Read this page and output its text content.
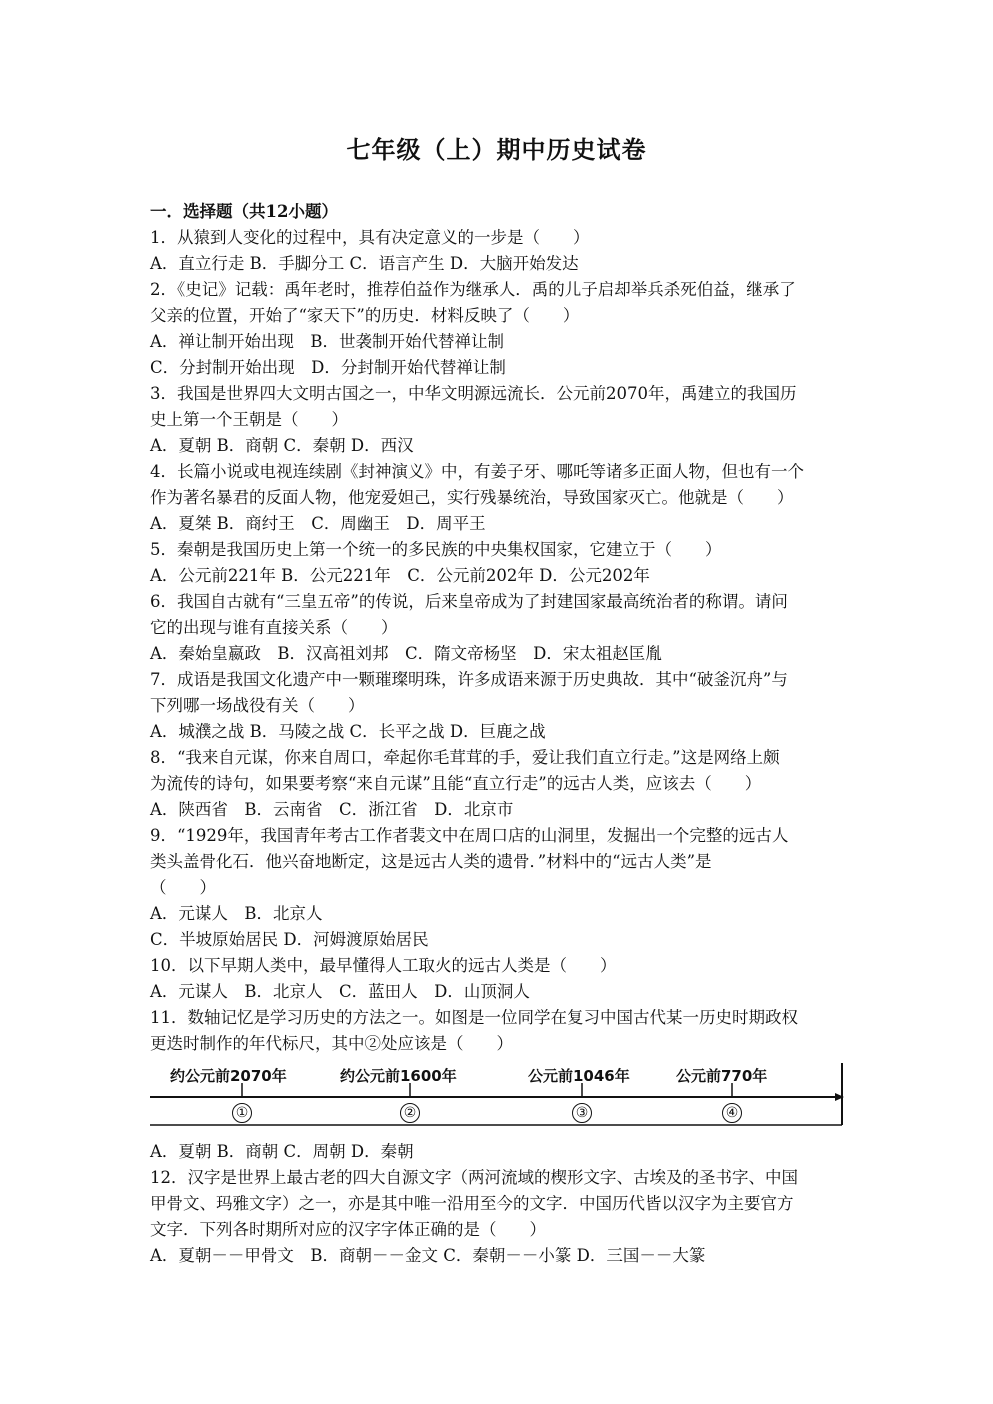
七年级（上）期中历史试卷
一．选择题（共12小题）
1．从猿到人变化的过程中，具有决定意义的一步是（　　）
A．直立行走 B．手脚分工 C．语言产生 D．大脑开始发达
2．《史记》记载：禹年老时，推荐伯益作为继承人．禹的儿子启却举兵杀死伯益，继承了
父亲的位置，开始了“家天下”的历史．材料反映了（　　）
A．禅让制开始出现　B．世袭制开始代替禅让制
C．分封制开始出现　D．分封制开始代替禅让制
3．我国是世界四大文明古国之一，中华文明源远流长．公元前2070年，禹建立的我国历
史上第一个王朝是（　　）
A．夏朝 B．商朝 C．秦朝 D．西汉
4．长篇小说或电视连续剧《封神演义》中，有姜子牙、哪吒等诸多正面人物，但也有一个
作为著名暴君的反面人物，他宠爱妲己，实行残暴统治，导致国家灭亡。他就是（　　）
A．夏桀 B．商纣王　C．周幽王　D．周平王
5．秦朝是我国历史上第一个统一的多民族的中央集权国家，它建立于（　　）
A．公元前221年 B．公元221年　C．公元前202年 D．公元202年
6．我国自古就有“三皇五帝”的传说，后来皇帝成为了封建国家最高统治者的称谓。请问
它的出现与谁有直接关系（　　）
A．秦始皇嬴政　B．汉高祖刘邦　C．隋文帝杨坚　D．宋太祖赵匡胤
7．成语是我国文化遗产中一颗璀璨明珠，许多成语来源于历史典故．其中“破釜沉舟”与
下列哪一场战役有关（　　）
A．城濮之战 B．马陵之战 C．长平之战 D．巨鹿之战
8．“我来自元谋，你来自周口，牵起你毛茸茸的手，爱让我们直立行走。”这是网络上颇
为流传的诗句，如果要考察“来自元谋”且能“直立行走”的远古人类，应该去（　　）
A．陕西省　B．云南省　C．浙江省　D．北京市
9．“1929年，我国青年考古工作者裴文中在周口店的山洞里，发掘出一个完整的远古人
类头盖骨化石．他兴奋地断定，这是远古人类的遗骨．”材料中的“远古人类”是
（　　）
A．元谋人　B．北京人
C．半坡原始居民 D．河姆渡原始居民
10．以下早期人类中，最早懂得人工取火的远古人类是（　　）
A．元谋人　B．北京人　C．蓝田人　D．山顶洞人
11．数轴记忆是学习历史的方法之一。如图是一位同学在复习中国古代某一历史时期政权
更迭时制作的年代标尺，其中②处应该是（　　）
约公元前2070年	约公元前1600年	公元前1046年	公元前770年
①	②	③	④
A．夏朝 B．商朝 C．周朝 D．秦朝
12．汉字是世界上最古老的四大自源文字（两河流域的楔形文字、古埃及的圣书字、中国
甲骨文、玛雅文字）之一，亦是其中唯一沿用至今的文字．中国历代皆以汉字为主要官方
文字．下列各时期所对应的汉字字体正确的是（　　）
A．夏朝－－甲骨文　B．商朝－－金文 C．秦朝－－小篆 D．三国－－大篆
